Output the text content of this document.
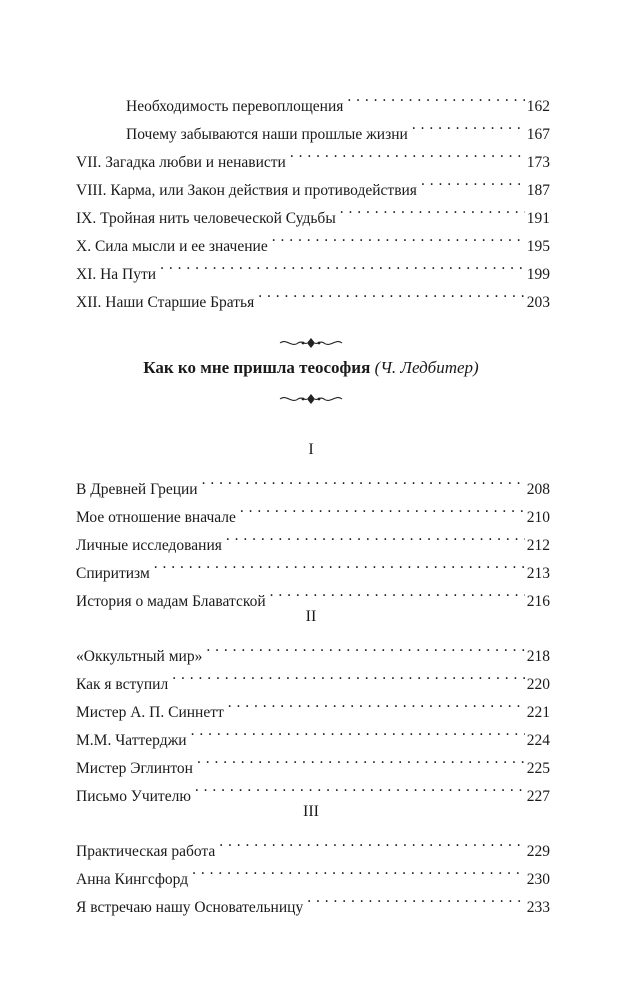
Необходимость перевоплощения . . .	162
Почему забываются наши прошлые жизни . . .	167
VII. Загадка любви и ненависти . . .	173
VIII. Карма, или Закон действия и противодействия . . .	187
IX. Тройная нить человеческой Судьбы . . .	191
X. Сила мысли и ее значение . . .	195
XI. На Пути . . .	199
XII. Наши Старшие Братья . . .	203
Как ко мне пришла теософия (Ч. Ледбитер)
I
В Древней Греции . . .	208
Мое отношение вначале . . .	210
Личные исследования . . .	212
Спиритизм . . .	213
История о мадам Блаватской . . .	216
II
«Оккультный мир» . . .	218
Как я вступил . . .	220
Мистер А. П. Синнетт . . .	221
М.М. Чаттерджи . . .	224
Мистер Эглинтон . . .	225
Письмо Учителю . . .	227
III
Практическая работа . . .	229
Анна Кингсфорд . . .	230
Я встречаю нашу Основательницу . . .	233
